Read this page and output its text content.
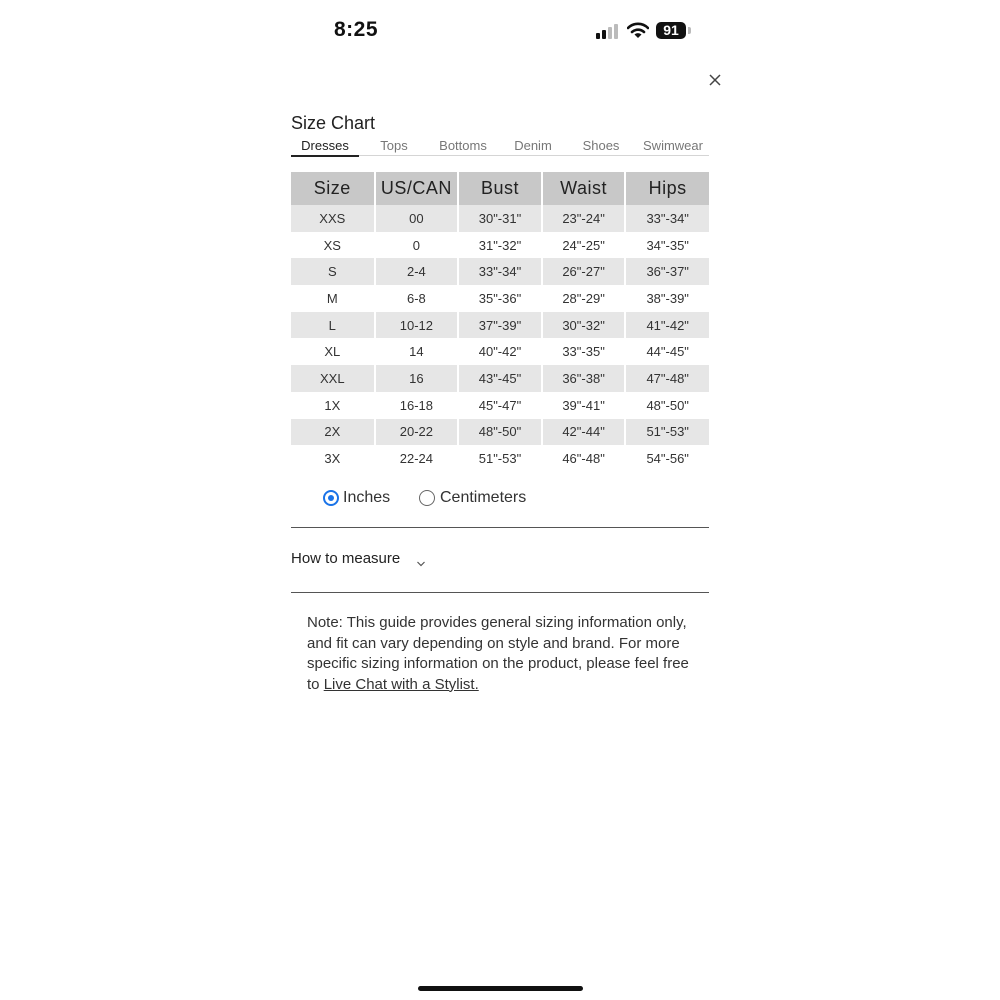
8:25	91
Size Chart
Dresses	Tops	Bottoms	Denim	Shoes	Swimwear
Size	US/CAN	Bust	Waist	Hips
XXS	00	30"-31"	23"-24"	33"-34"
XS	0	31"-32"	24"-25"	34"-35"
S	2-4	33"-34"	26"-27"	36"-37"
M	6-8	35"-36"	28"-29"	38"-39"
L	10-12	37"-39"	30"-32"	41"-42"
XL	14	40"-42"	33"-35"	44"-45"
XXL	16	43"-45"	36"-38"	47"-48"
1X	16-18	45"-47"	39"-41"	48"-50"
2X	20-22	48"-50"	42"-44"	51"-53"
3X	22-24	51"-53"	46"-48"	54"-56"
Inches	Centimeters
How to measure
Note: This guide provides general sizing information only, and fit can vary depending on style and brand. For more specific sizing information on the product, please feel free to Live Chat with a Stylist.
